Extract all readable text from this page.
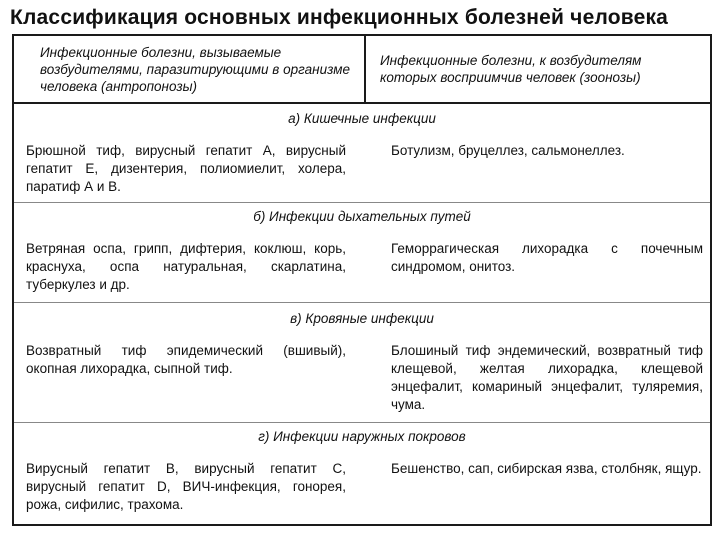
Классификация основных инфекционных болезней человека
Инфекционные болезни, вызываемые возбудителями, паразитирующими в организме человека (антропонозы)
Инфекционные болезни, к возбудителям которых восприимчив человек (зоонозы)
а) Кишечные инфекции
Брюшной тиф, вирусный гепатит А, вирусный гепатит Е, дизентерия, полиомиелит, холера, паратиф А и В.
Ботулизм, бруцеллез, сальмонеллез.
б) Инфекции дыхательных путей
Ветряная оспа, грипп, дифтерия, коклюш, корь, краснуха, оспа натуральная, скарлатина, туберкулез и др.
Геморрагическая лихорадка с почечным синдромом, онитоз.
в) Кровяные инфекции
Возвратный тиф эпидемический (вшивый), окопная лихорадка, сыпной тиф.
Блошиный тиф эндемический, возвратный тиф клещевой, желтая лихорадка, клещевой энцефалит, комариный энцефалит, туляремия, чума.
г) Инфекции наружных покровов
Вирусный гепатит В, вирусный гепатит С, вирусный гепатит D, ВИЧ-инфекция, гонорея, рожа, сифилис, трахома.
Бешенство, сап, сибирская язва, столбняк, ящур.
